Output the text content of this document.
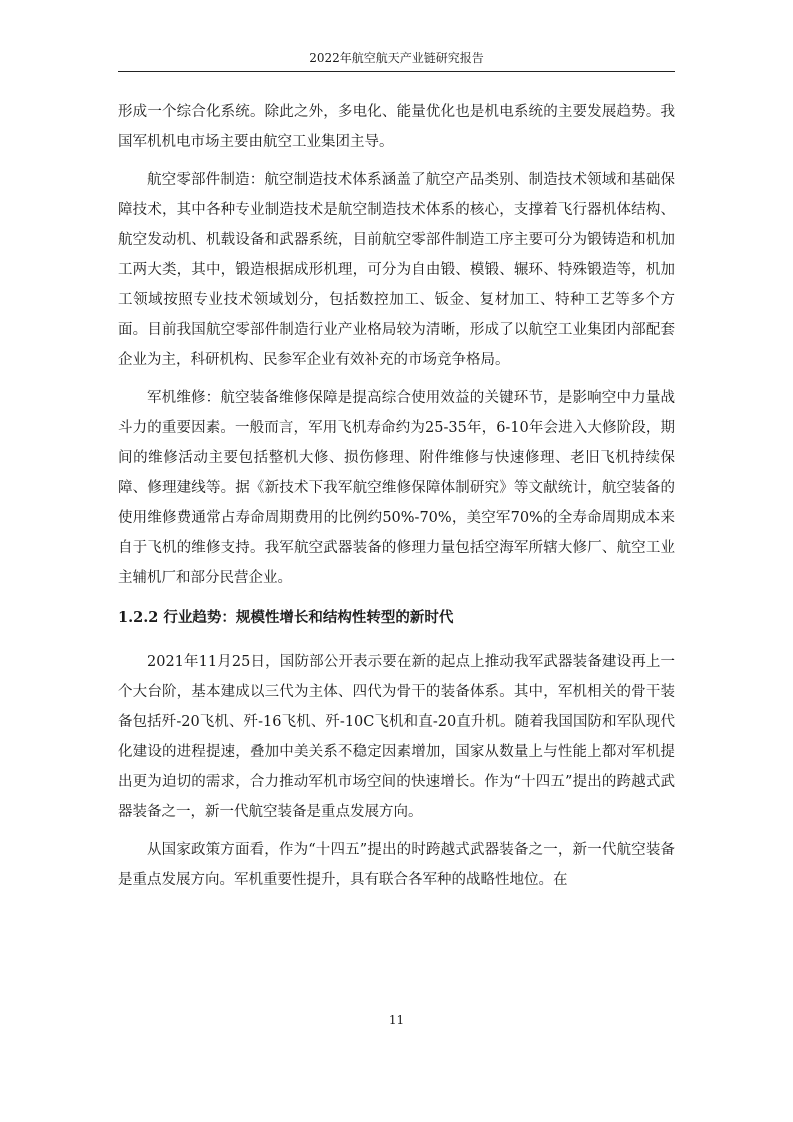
2022年航空航天产业链研究报告

形成一个综合化系统。除此之外，多电化、能量优化也是机电系统的主要发展趋势。我国军机机电市场主要由航空工业集团主导。

航空零部件制造：航空制造技术体系涵盖了航空产品类别、制造技术领域和基础保障技术，其中各种专业制造技术是航空制造技术体系的核心，支撑着飞行器机体结构、航空发动机、机载设备和武器系统，目前航空零部件制造工序主要可分为锻铸造和机加工两大类，其中，锻造根据成形机理，可分为自由锻、模锻、辗环、特殊锻造等，机加工领域按照专业技术领域划分，包括数控加工、钣金、复材加工、特种工艺等多个方面。目前我国航空零部件制造行业产业格局较为清晰，形成了以航空工业集团内部配套企业为主，科研机构、民参军企业有效补充的市场竞争格局。

军机维修：航空装备维修保障是提高综合使用效益的关键环节，是影响空中力量战斗力的重要因素。一般而言，军用飞机寿命约为25-35年，6-10年会进入大修阶段，期间的维修活动主要包括整机大修、损伤修理、附件维修与快速修理、老旧飞机持续保障、修理建线等。据《新技术下我军航空维修保障体制研究》等文献统计，航空装备的使用维修费通常占寿命周期费用的比例约50%-70%，美空军70%的全寿命周期成本来自于飞机的维修支持。我军航空武器装备的修理力量包括空海军所辖大修厂、航空工业主辅机厂和部分民营企业。

1.2.2 行业趋势：规模性增长和结构性转型的新时代

2021年11月25日，国防部公开表示要在新的起点上推动我军武器装备建设再上一个大台阶，基本建成以三代为主体、四代为骨干的装备体系。其中，军机相关的骨干装备包括歼-20飞机、歼-16飞机、歼-10C飞机和直-20直升机。随着我国国防和军队现代化建设的进程提速，叠加中美关系不稳定因素增加，国家从数量上与性能上都对军机提出更为迫切的需求，合力推动军机市场空间的快速增长。作为“十四五”提出的跨越式武器装备之一，新一代航空装备是重点发展方向。

从国家政策方面看，作为“十四五”提出的时跨越式武器装备之一，新一代航空装备是重点发展方向。军机重要性提升，具有联合各军种的战略性地位。在

11
